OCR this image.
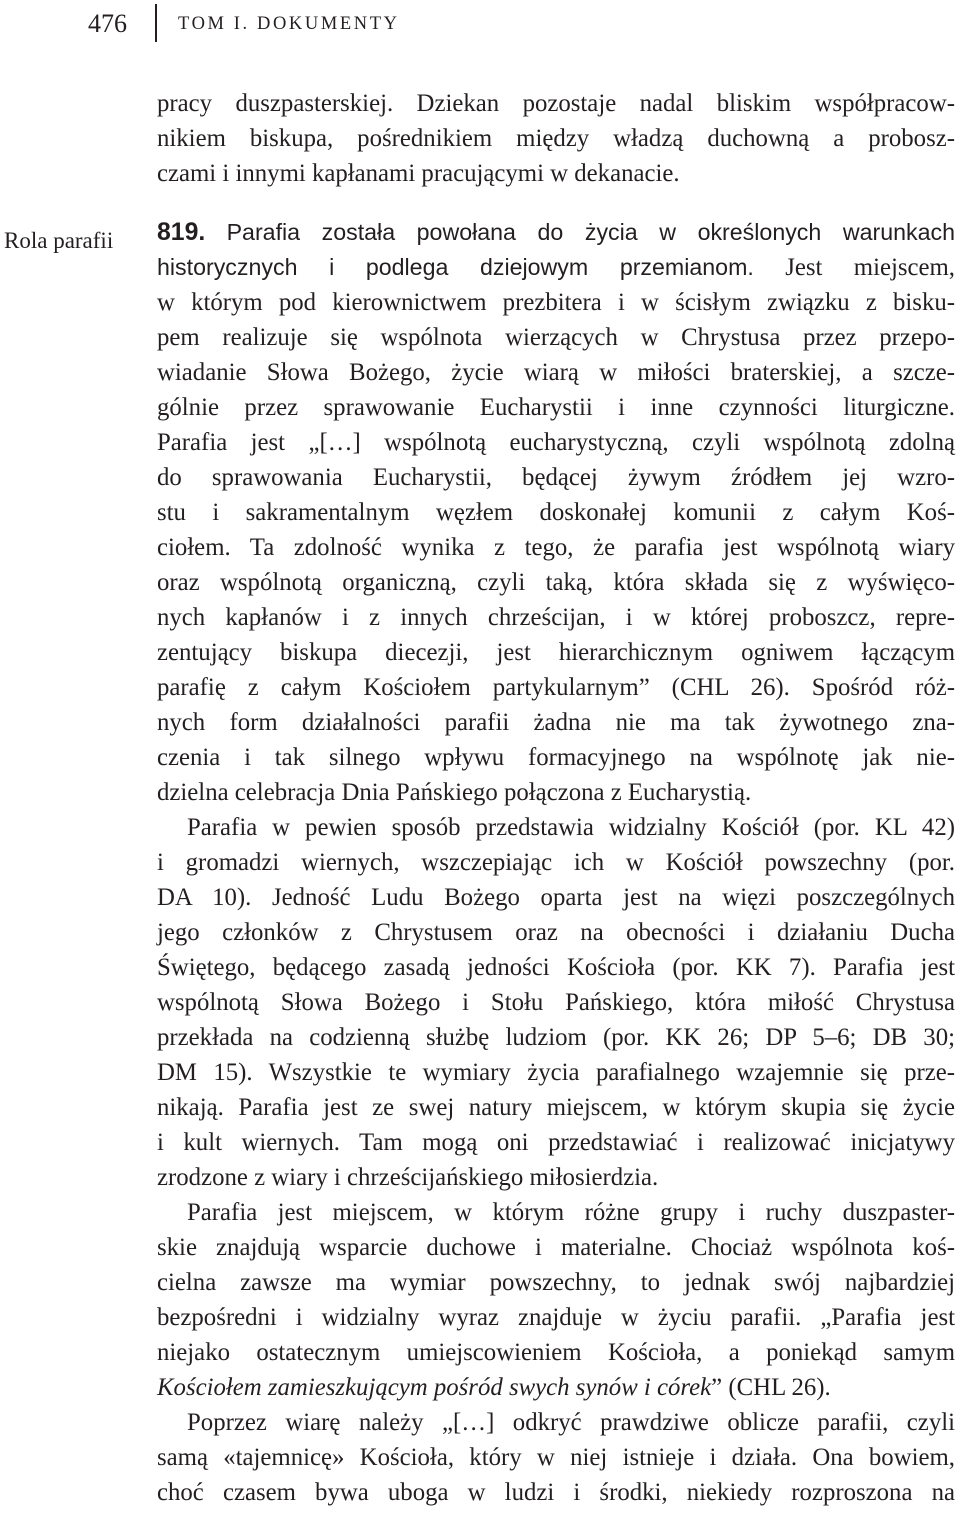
476	TOM I. DOKUMENTY
Rola parafii
pracy duszpasterskiej. Dziekan pozostaje nadal bliskim współpracow-
nikiem biskupa, pośrednikiem między władzą duchowną a probosz-
czami i innymi kapłanami pracującymi w dekanacie.
819. Parafia została powołana do życia w określonych warunkach
historycznych i podlega dziejowym przemianom. Jest miejscem,
w którym pod kierownictwem prezbitera i w ścisłym związku z bisku-
pem realizuje się wspólnota wierzących w Chrystusa przez przepo-
wiadanie Słowa Bożego, życie wiarą w miłości braterskiej, a szcze-
gólnie przez sprawowanie Eucharystii i inne czynności liturgiczne.
Parafia jest „[…] wspólnotą eucharystyczną, czyli wspólnotą zdolną
do sprawowania Eucharystii, będącej żywym źródłem jej wzro-
stu i sakramentalnym węzłem doskonałej komunii z całym Koś-
ciołem. Ta zdolność wynika z tego, że parafia jest wspólnotą wiary
oraz wspólnotą organiczną, czyli taką, która składa się z wyświęco-
nych kapłanów i z innych chrześcijan, i w której proboszcz, repre-
zentujący biskupa diecezji, jest hierarchicznym ogniwem łączącym
parafię z całym Kościołem partykularnym” (CHL 26). Spośród róż-
nych form działalności parafii żadna nie ma tak żywotnego zna-
czenia i tak silnego wpływu formacyjnego na wspólnotę jak nie-
dzielna celebracja Dnia Pańskiego połączona z Eucharystią.
Parafia w pewien sposób przedstawia widzialny Kościół (por. KL 42)
i gromadzi wiernych, wszczepiając ich w Kościół powszechny (por.
DA 10). Jedność Ludu Bożego oparta jest na więzi poszczególnych
jego członków z Chrystusem oraz na obecności i działaniu Ducha
Świętego, będącego zasadą jedności Kościoła (por. KK 7). Parafia jest
wspólnotą Słowa Bożego i Stołu Pańskiego, która miłość Chrystusa
przekłada na codzienną służbę ludziom (por. KK 26; DP 5–6; DB 30;
DM 15). Wszystkie te wymiary życia parafialnego wzajemnie się prze-
nikają. Parafia jest ze swej natury miejscem, w którym skupia się życie
i kult wiernych. Tam mogą oni przedstawiać i realizować inicjatywy
zrodzone z wiary i chrześcijańskiego miłosierdzia.
Parafia jest miejscem, w którym różne grupy i ruchy duszpaster-
skie znajdują wsparcie duchowe i materialne. Chociaż wspólnota koś-
cielna zawsze ma wymiar powszechny, to jednak swój najbardziej
bezpośredni i widzialny wyraz znajduje w życiu parafii. „Parafia jest
niejako ostatecznym umiejscowieniem Kościoła, a poniekąd samym
Kościołem zamieszkującym pośród swych synów i córek” (CHL 26).
Poprzez wiarę należy „[…] odkryć prawdziwe oblicze parafii, czyli
samą «tajemnicę» Kościoła, który w niej istnieje i działa. Ona bowiem,
choć czasem bywa uboga w ludzi i środki, niekiedy rozproszona na
